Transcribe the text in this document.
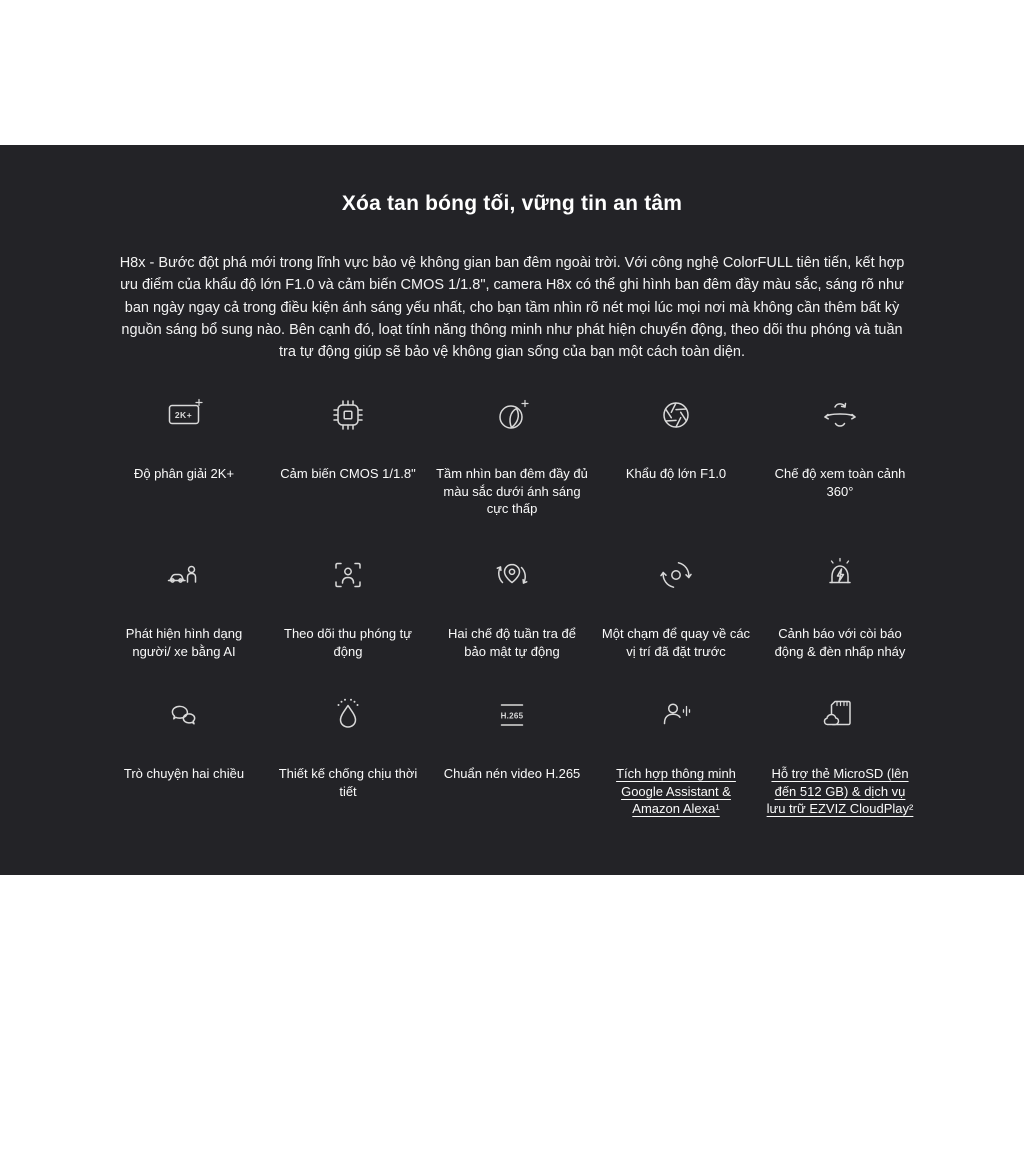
Xóa tan bóng tối, vững tin an tâm

H8x - Bước đột phá mới trong lĩnh vực bảo vệ không gian ban đêm ngoài trời. Với công nghệ ColorFULL tiên tiến, kết hợp ưu điểm của khẩu độ lớn F1.0 và cảm biến CMOS 1/1.8", camera H8x có thể ghi hình ban đêm đầy màu sắc, sáng rõ như ban ngày ngay cả trong điều kiện ánh sáng yếu nhất, cho bạn tầm nhìn rõ nét mọi lúc mọi nơi mà không cần thêm bất kỳ nguồn sáng bổ sung nào. Bên cạnh đó, loạt tính năng thông minh như phát hiện chuyển động, theo dõi thu phóng và tuần tra tự động giúp sẽ bảo vệ không gian sống của bạn một cách toàn diện.

2K+
Độ phân giải 2K+	Cảm biến CMOS 1/1.8" Tầm nhìn ban đêm đầy đủ màu sắc dưới ánh sáng cực thấp
Khẩu độ lớn F1.0	Chế độ xem toàn cảnh 360°
Phát hiện hình dạng người/ xe bằng AI
Theo dõi thu phóng tự động
Hai chế độ tuần tra để bảo mật tự động
Một chạm để quay về các vị trí đã đặt trước
Cảnh báo với còi báo động & đèn nhấp nháy
Trò chuyện hai chiều	Thiết kế chống chịu thời tiết
H.265
Chuẩn nén video H.265	Tích hợp thông minh Google Assistant & Amazon Alexa¹
Hỗ trợ thẻ MicroSD (lên đến 512 GB) & dịch vụ lưu trữ EZVIZ CloudPlay²
